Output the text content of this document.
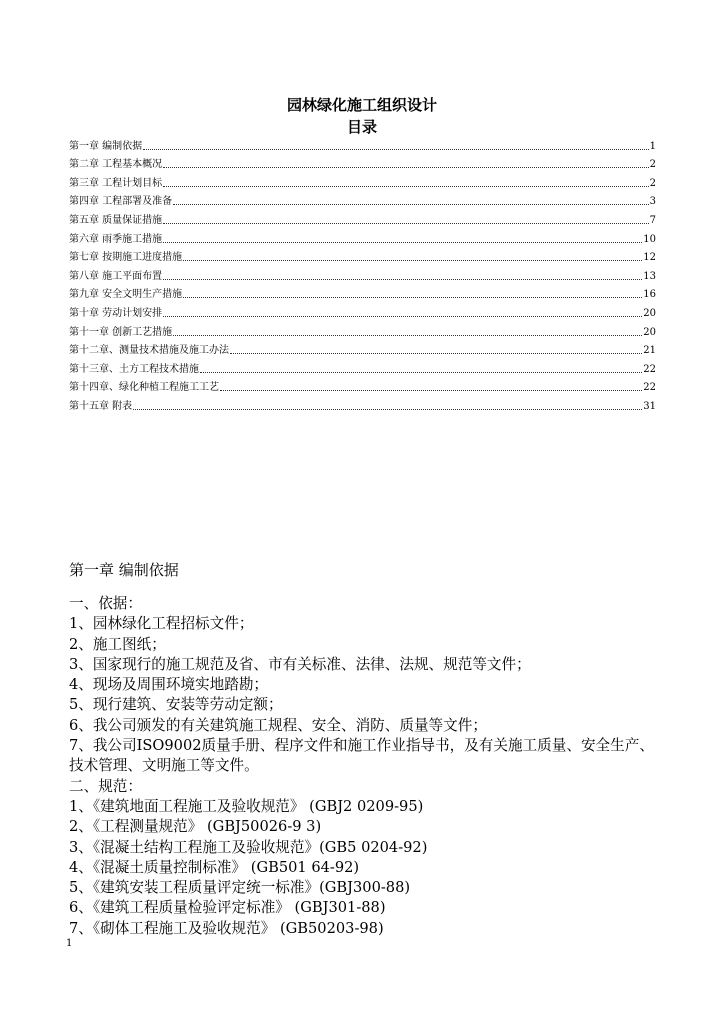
园林绿化施工组织设计
目录
第一章 编制依据	1
第二章 工程基本概况	2
第三章 工程计划目标	2
第四章 工程部署及准备	3
第五章 质量保证措施	7
第六章 雨季施工措施	10
第七章 按期施工进度措施	12
第八章 施工平面布置	13
第九章 安全文明生产措施	16
第十章 劳动计划安排	20
第十一章 创新工艺措施	20
第十二章、测量技术措施及施工办法	21
第十三章、土方工程技术措施	22
第十四章、绿化种植工程施工工艺	22
第十五章 附表	31
第一章 编制依据
一、依据：
1、园林绿化工程招标文件；
2、施工图纸；
3、国家现行的施工规范及省、市有关标准、法律、法规、规范等文件；
4、现场及周围环境实地踏勘；
5、现行建筑、安装等劳动定额；
6、我公司颁发的有关建筑施工规程、安全、消防、质量等文件；
7、我公司ISO9002质量手册、程序文件和施工作业指导书，及有关施工质量、安全生产、技术管理、文明施工等文件。
二、规范：
1、《建筑地面工程施工及验收规范》 (GBJ2 0209-95)
2、《工程测量规范》 (GBJ50026-9 3)
3、《混凝土结构工程施工及验收规范》(GB5 0204-92)
4、《混凝土质量控制标准》 (GB501 64-92)
5、《建筑安装工程质量评定统一标准》(GBJ300-88)
6、《建筑工程质量检验评定标准》 (GBJ301-88)
7、《砌体工程施工及验收规范》 (GB50203-98)
1
